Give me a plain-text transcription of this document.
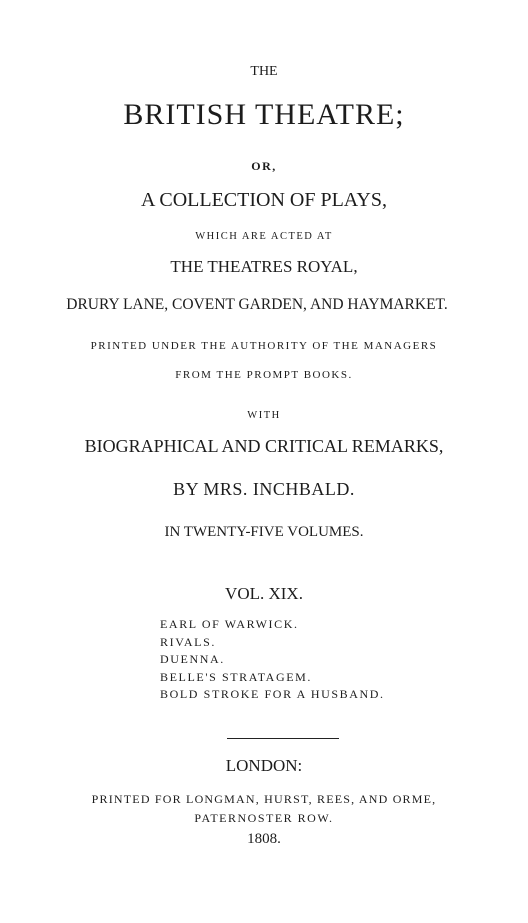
THE
BRITISH THEATRE;
OR,
A COLLECTION OF PLAYS,
WHICH ARE ACTED AT
THE THEATRES ROYAL,
DRURY LANE, COVENT GARDEN, AND HAYMARKET.
PRINTED UNDER THE AUTHORITY OF THE MANAGERS
FROM THE PROMPT BOOKS.
WITH
BIOGRAPHICAL AND CRITICAL REMARKS,
BY MRS. INCHBALD.
IN TWENTY-FIVE VOLUMES.
VOL. XIX.
EARL OF WARWICK.
RIVALS.
DUENNA.
BELLE'S STRATAGEM.
BOLD STROKE FOR A HUSBAND.
LONDON:
PRINTED FOR LONGMAN, HURST, REES, AND ORME,
PATERNOSTER ROW.
1808.
